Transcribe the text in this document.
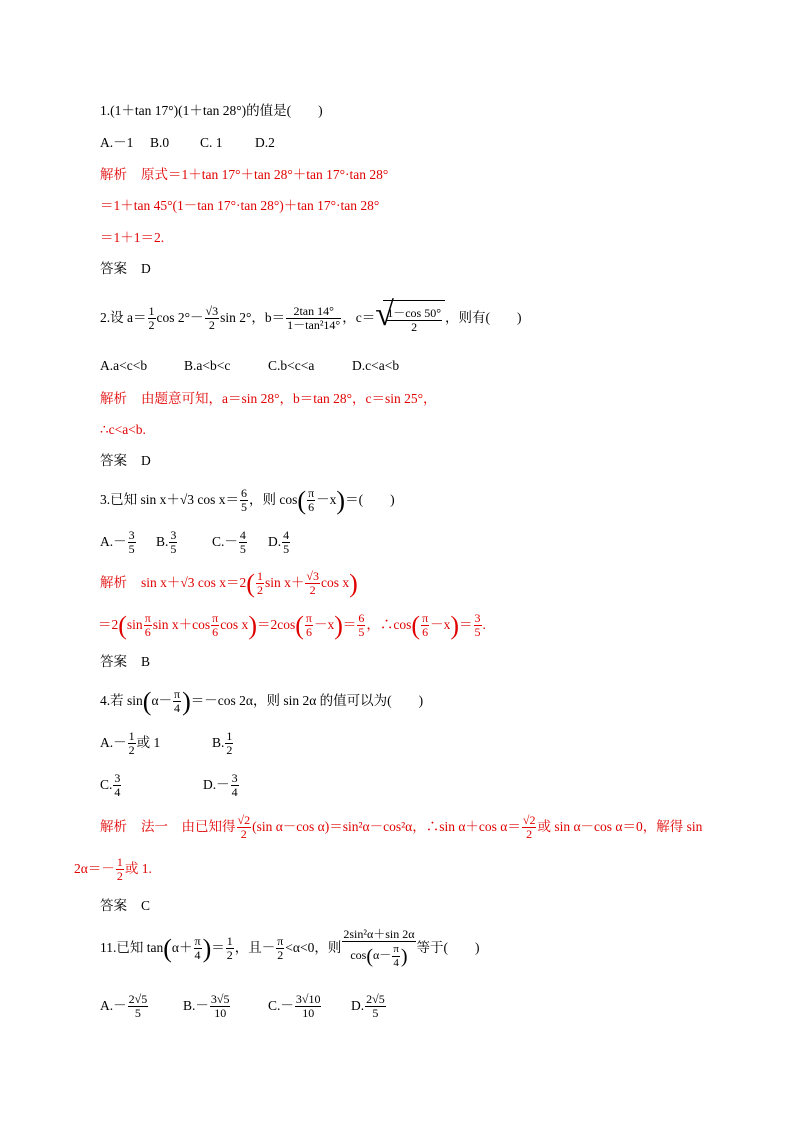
1.(1＋tan 17°)(1＋tan 28°)的值是(　　)
A.－1 B.0 C. 1 D.2
解析 原式＝1＋tan 17°＋tan 28°＋tan 17°·tan 28°
＝1＋tan 45°(1－tan 17°·tan 28°)＋tan 17°·tan 28°
＝1＋1＝2.
答案 D
2.设 $a= \frac{1}{2}$ $\cos 2^\circ- \frac{√3}{2}$ sin 2°，$b= \frac{2\tan 14^\circ}{\text{1－tan²14°}}$ ，c＝ √
$\frac{1-\cos 50^\circ}{2}$ ，则有(　　)
A.a<c<b	B.a<b<c	C.b<c<a	D.c<a<b
解析 由题意可知，a＝sin 28°，b＝tan 28°，c＝sin 25°，
∴c<a<b.
答案 D
3.已知 sin x＋√3 $\cos x= \frac{6}{5}$ ，则 $\cos( \frac{\pi}{6} -x)=$(　　)
$A.- \frac{3}{5} B$. $\frac{3}{5}$	$C.- \frac{4}{5} D$. $\frac{4}{5}$
解析 sin x＋√3 $\cos x=2( \frac{1}{2}$ $\sin x+ \frac{√3}{2}$ cos x)
$=2(\sin \frac{\pi}{6}$ $\sin x+\cos \frac{\pi}{6}$ $\cos x)=2\cos( \frac{\pi}{6} -x)= \frac{6}{5}$ ，∴cos( $\frac{\pi}{6} -x)= \frac{3}{5}$ .
答案 B
4.若 $\sin(\alpha- \frac{\pi}{4} )=-\cos$ 2α，则 sin 2α 的值可以为(　　)
$A.- \frac{1}{2}$ 或 1	B. $\frac{1}{2}$
C. $\frac{3}{4}$	$D.- \frac{3}{4}$
解析 法一　由已知得 $\frac{√2}{2} (\sin$ α－cos α)＝sin²α－cos²α，∴sin α＋cos $\alpha= \frac{√2}{2}$ 或 sin α－cos α＝0，解得 sin
$2\alpha=- \frac{1}{2}$ 或 1.
答案 C
11.已知 $\tan(\alpha+ \frac{\pi}{4}$ )＝ $\frac{1}{2}$ ，且－ $\frac{\pi}{2} <\alpha<0$，则 $\frac{\text{2sin²α＋sin 2α}}{\cos(\alpha- \frac{\pi}{4} )}$ 等于(　　)
$A.- \frac{2√5}{5}$	$B.- \frac{3√5}{10}$	$C.- \frac{3√10}{10} D$. $\frac{2√5}{5}$
